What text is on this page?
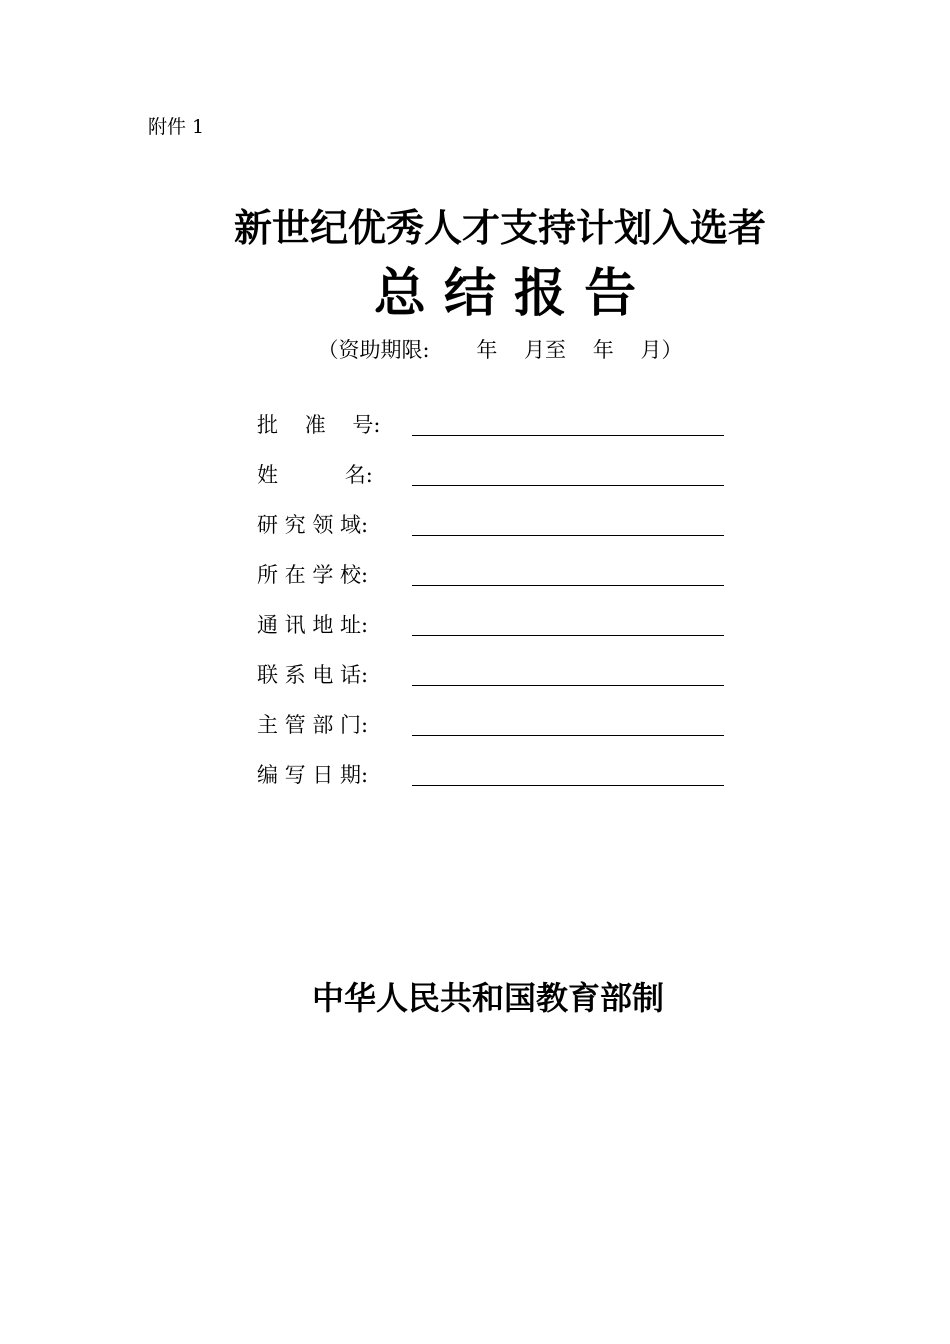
附件 1
新世纪优秀人才支持计划入选者
总 结 报 告
（资助期限:       年    月至    年    月）
批    准    号:
姓          名:
研 究 领 域:
所 在 学 校:
通 讯 地 址:
联 系 电 话:
主 管 部 门:
编 写 日 期:
中华人民共和国教育部制
